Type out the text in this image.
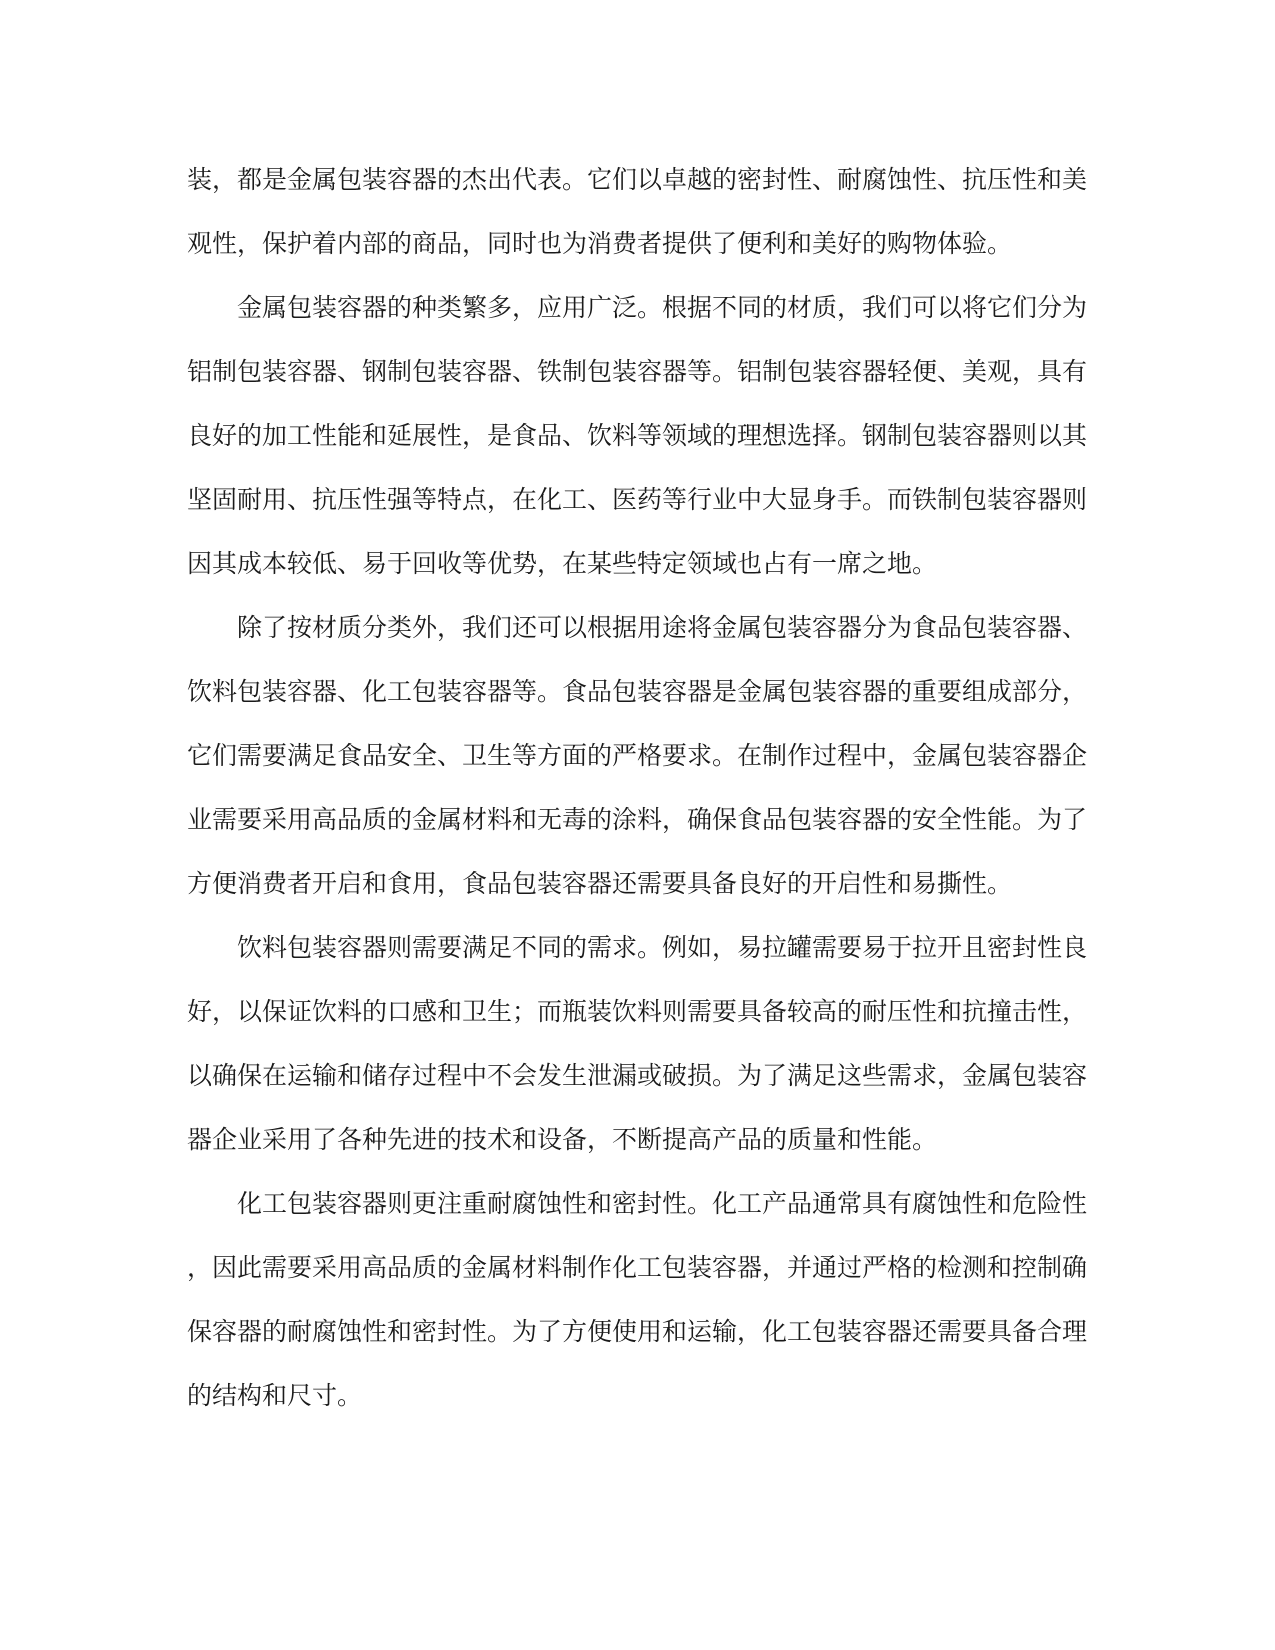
装，都是金属包装容器的杰出代表。它们以卓越的密封性、耐腐蚀性、抗压性和美
观性，保护着内部的商品，同时也为消费者提供了便利和美好的购物体验。
金属包装容器的种类繁多，应用广泛。根据不同的材质，我们可以将它们分为
铝制包装容器、钢制包装容器、铁制包装容器等。铝制包装容器轻便、美观，具有
良好的加工性能和延展性，是食品、饮料等领域的理想选择。钢制包装容器则以其
坚固耐用、抗压性强等特点，在化工、医药等行业中大显身手。而铁制包装容器则
因其成本较低、易于回收等优势，在某些特定领域也占有一席之地。
除了按材质分类外，我们还可以根据用途将金属包装容器分为食品包装容器、
饮料包装容器、化工包装容器等。食品包装容器是金属包装容器的重要组成部分，
它们需要满足食品安全、卫生等方面的严格要求。在制作过程中，金属包装容器企
业需要采用高品质的金属材料和无毒的涂料，确保食品包装容器的安全性能。为了
方便消费者开启和食用，食品包装容器还需要具备良好的开启性和易撕性。
饮料包装容器则需要满足不同的需求。例如，易拉罐需要易于拉开且密封性良
好，以保证饮料的口感和卫生；而瓶装饮料则需要具备较高的耐压性和抗撞击性，
以确保在运输和储存过程中不会发生泄漏或破损。为了满足这些需求，金属包装容
器企业采用了各种先进的技术和设备，不断提高产品的质量和性能。
化工包装容器则更注重耐腐蚀性和密封性。化工产品通常具有腐蚀性和危险性
，因此需要采用高品质的金属材料制作化工包装容器，并通过严格的检测和控制确
保容器的耐腐蚀性和密封性。为了方便使用和运输，化工包装容器还需要具备合理
的结构和尺寸。
